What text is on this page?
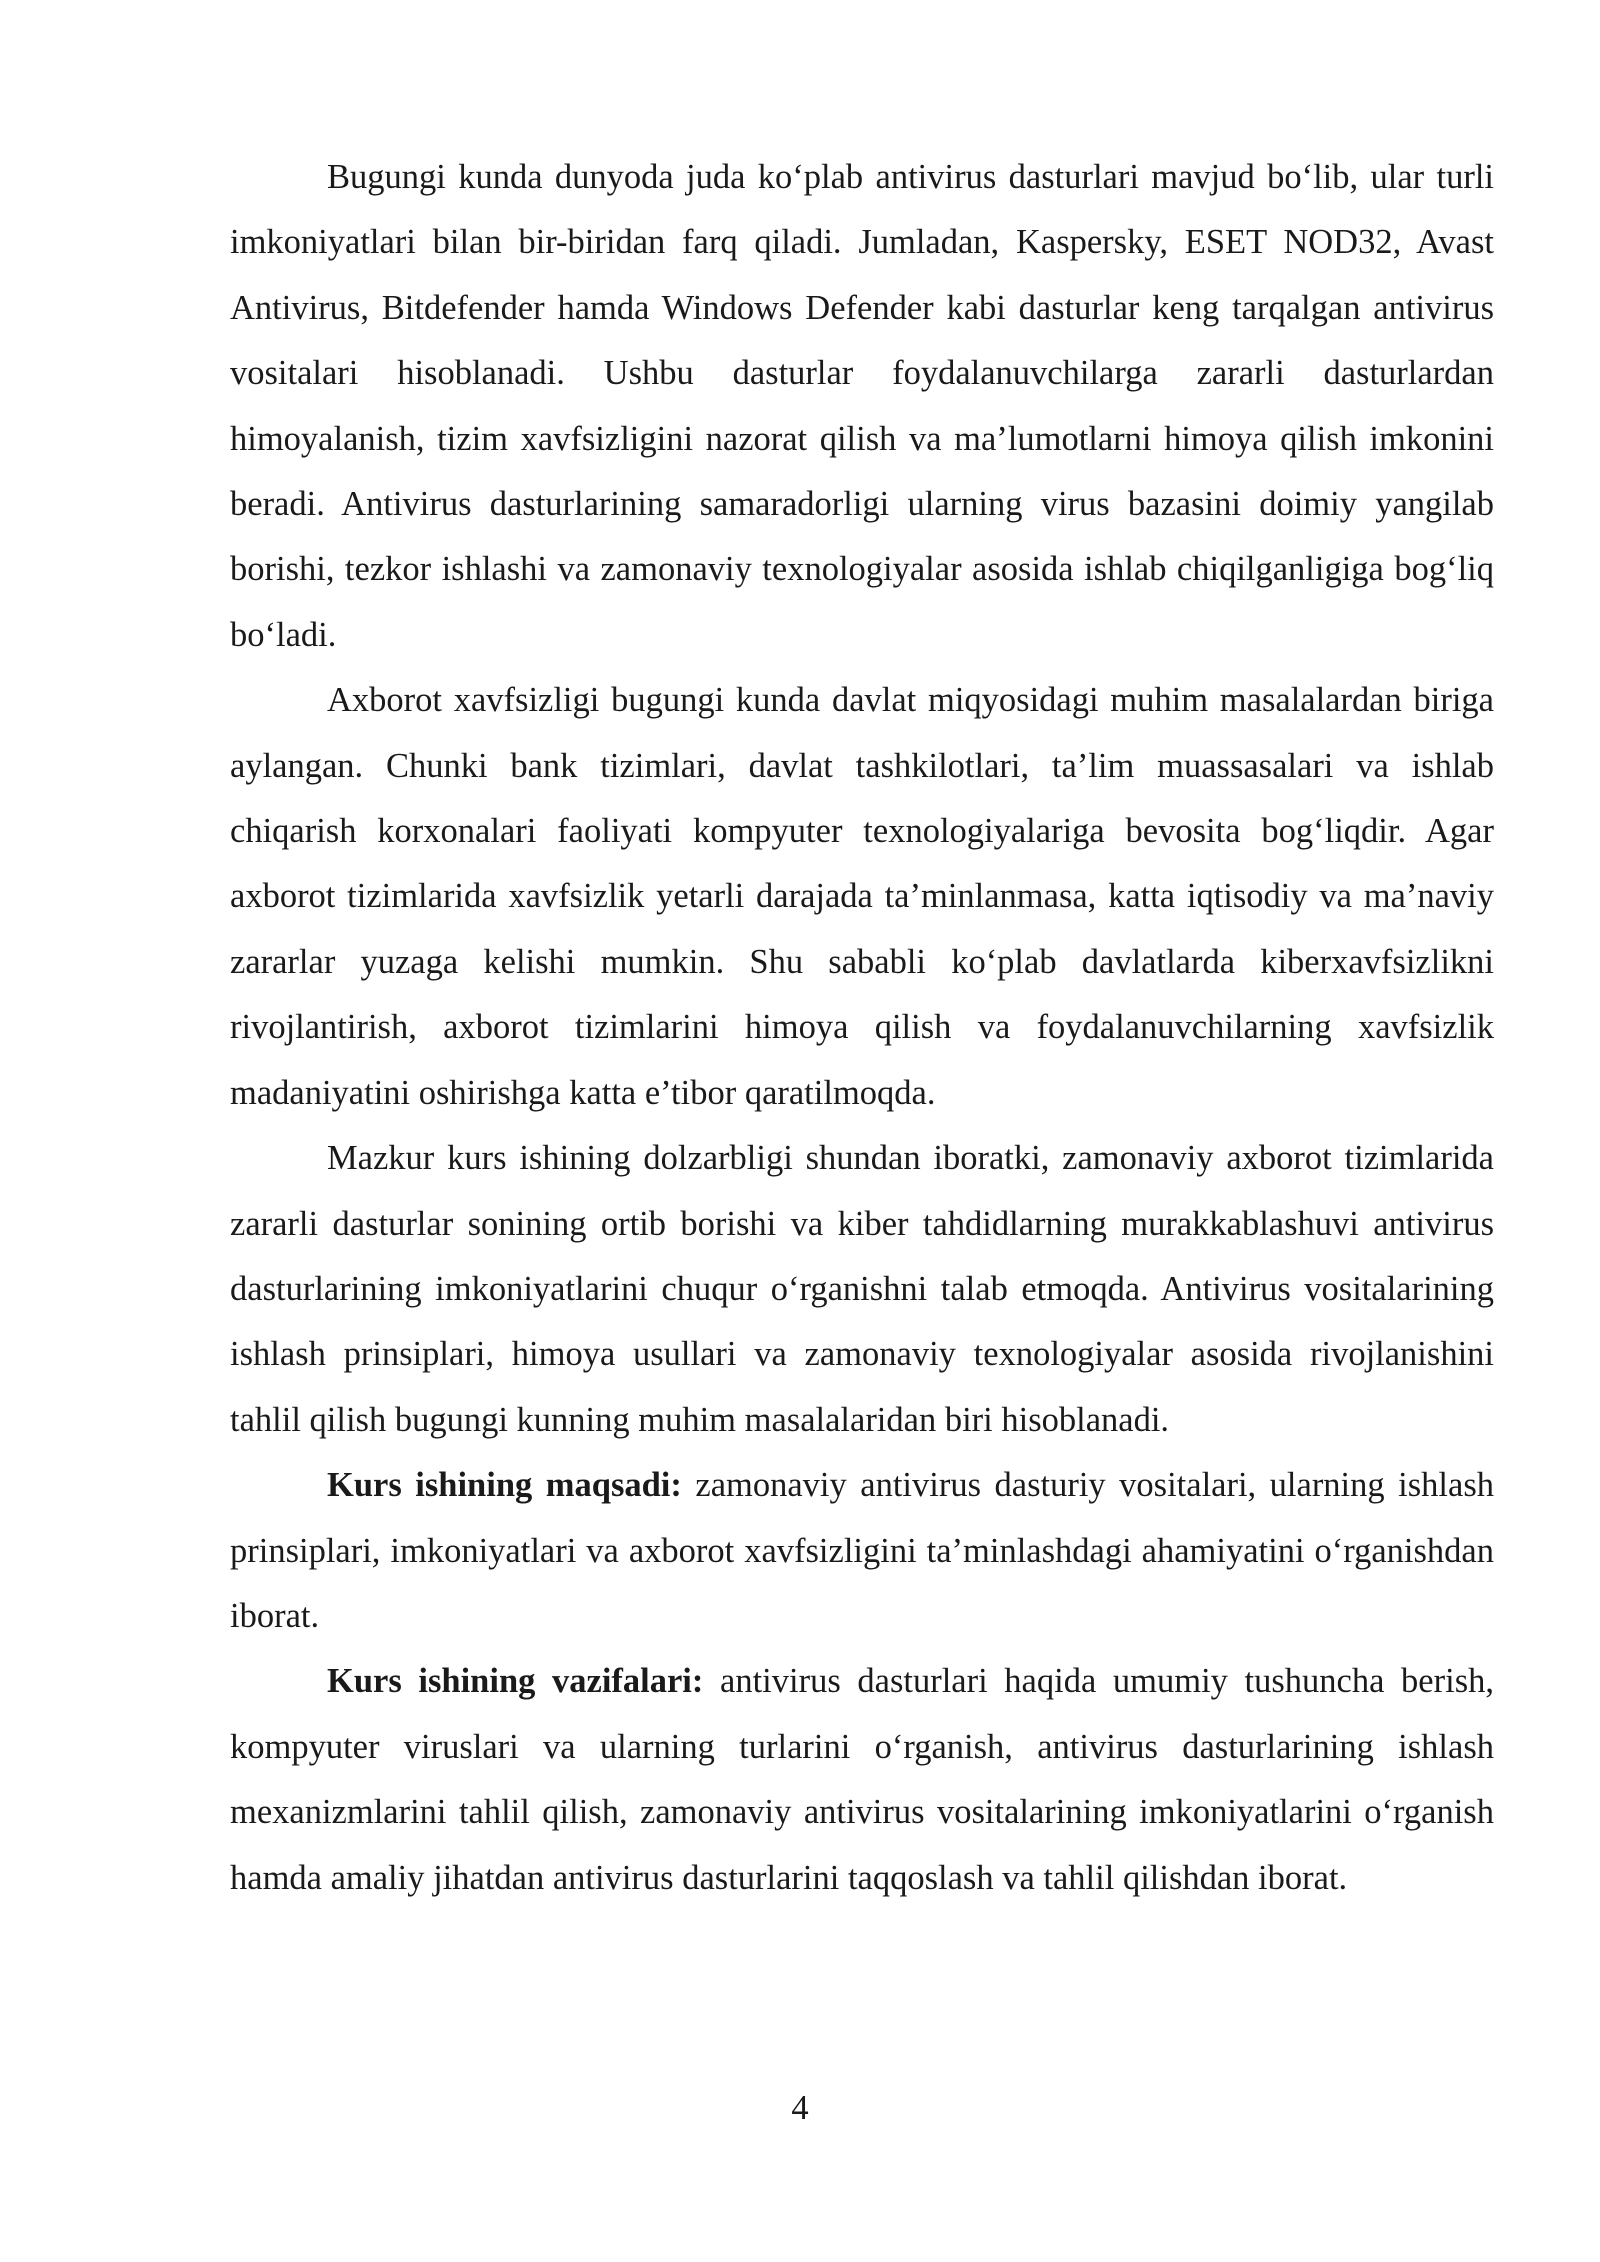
Bugungi kunda dunyoda juda koʻplab antivirus dasturlari mavjud boʻlib, ular turli imkoniyatlari bilan bir-biridan farq qiladi. Jumladan, Kaspersky, ESET NOD32, Avast Antivirus, Bitdefender hamda Windows Defender kabi dasturlar keng tarqalgan antivirus vositalari hisoblanadi. Ushbu dasturlar foydalanuvchilarga zararli dasturlardan himoyalanish, tizim xavfsizligini nazorat qilish va ma’lumotlarni himoya qilish imkonini beradi. Antivirus dasturlarining samaradorligi ularning virus bazasini doimiy yangilab borishi, tezkor ishlashi va zamonaviy texnologiyalar asosida ishlab chiqilganligiga bogʻliq boʻladi.

Axborot xavfsizligi bugungi kunda davlat miqyosidagi muhim masalalardan biriga aylangan. Chunki bank tizimlari, davlat tashkilotlari, ta’lim muassasalari va ishlab chiqarish korxonalari faoliyati kompyuter texnologiyalariga bevosita bogʻliqdir. Agar axborot tizimlarida xavfsizlik yetarli darajada ta’minlanmasa, katta iqtisodiy va ma’naviy zararlar yuzaga kelishi mumkin. Shu sababli koʻplab davlatlarda kiberxavfsizlikni rivojlantirish, axborot tizimlarini himoya qilish va foydalanuvchilarning xavfsizlik madaniyatini oshirishga katta e’tibor qaratilmoqda.

Mazkur kurs ishining dolzarbligi shundan iboratki, zamonaviy axborot tizimlarida zararli dasturlar sonining ortib borishi va kiber tahdidlarning murakkablashuvi antivirus dasturlarining imkoniyatlarini chuqur oʻrganishni talab etmoqda. Antivirus vositalarining ishlash prinsiplari, himoya usullari va zamonaviy texnologiyalar asosida rivojlanishini tahlil qilish bugungi kunning muhim masalalaridan biri hisoblanadi.

Kurs ishining maqsadi: zamonaviy antivirus dasturiy vositalari, ularning ishlash prinsiplari, imkoniyatlari va axborot xavfsizligini ta’minlashdagi ahamiyatini oʻrganishdan iborat.

Kurs ishining vazifalari: antivirus dasturlari haqida umumiy tushuncha berish, kompyuter viruslari va ularning turlarini oʻrganish, antivirus dasturlarining ishlash mexanizmlarini tahlil qilish, zamonaviy antivirus vositalarining imkoniyatlarini oʻrganish hamda amaliy jihatdan antivirus dasturlarini taqqoslash va tahlil qilishdan iborat.

4
